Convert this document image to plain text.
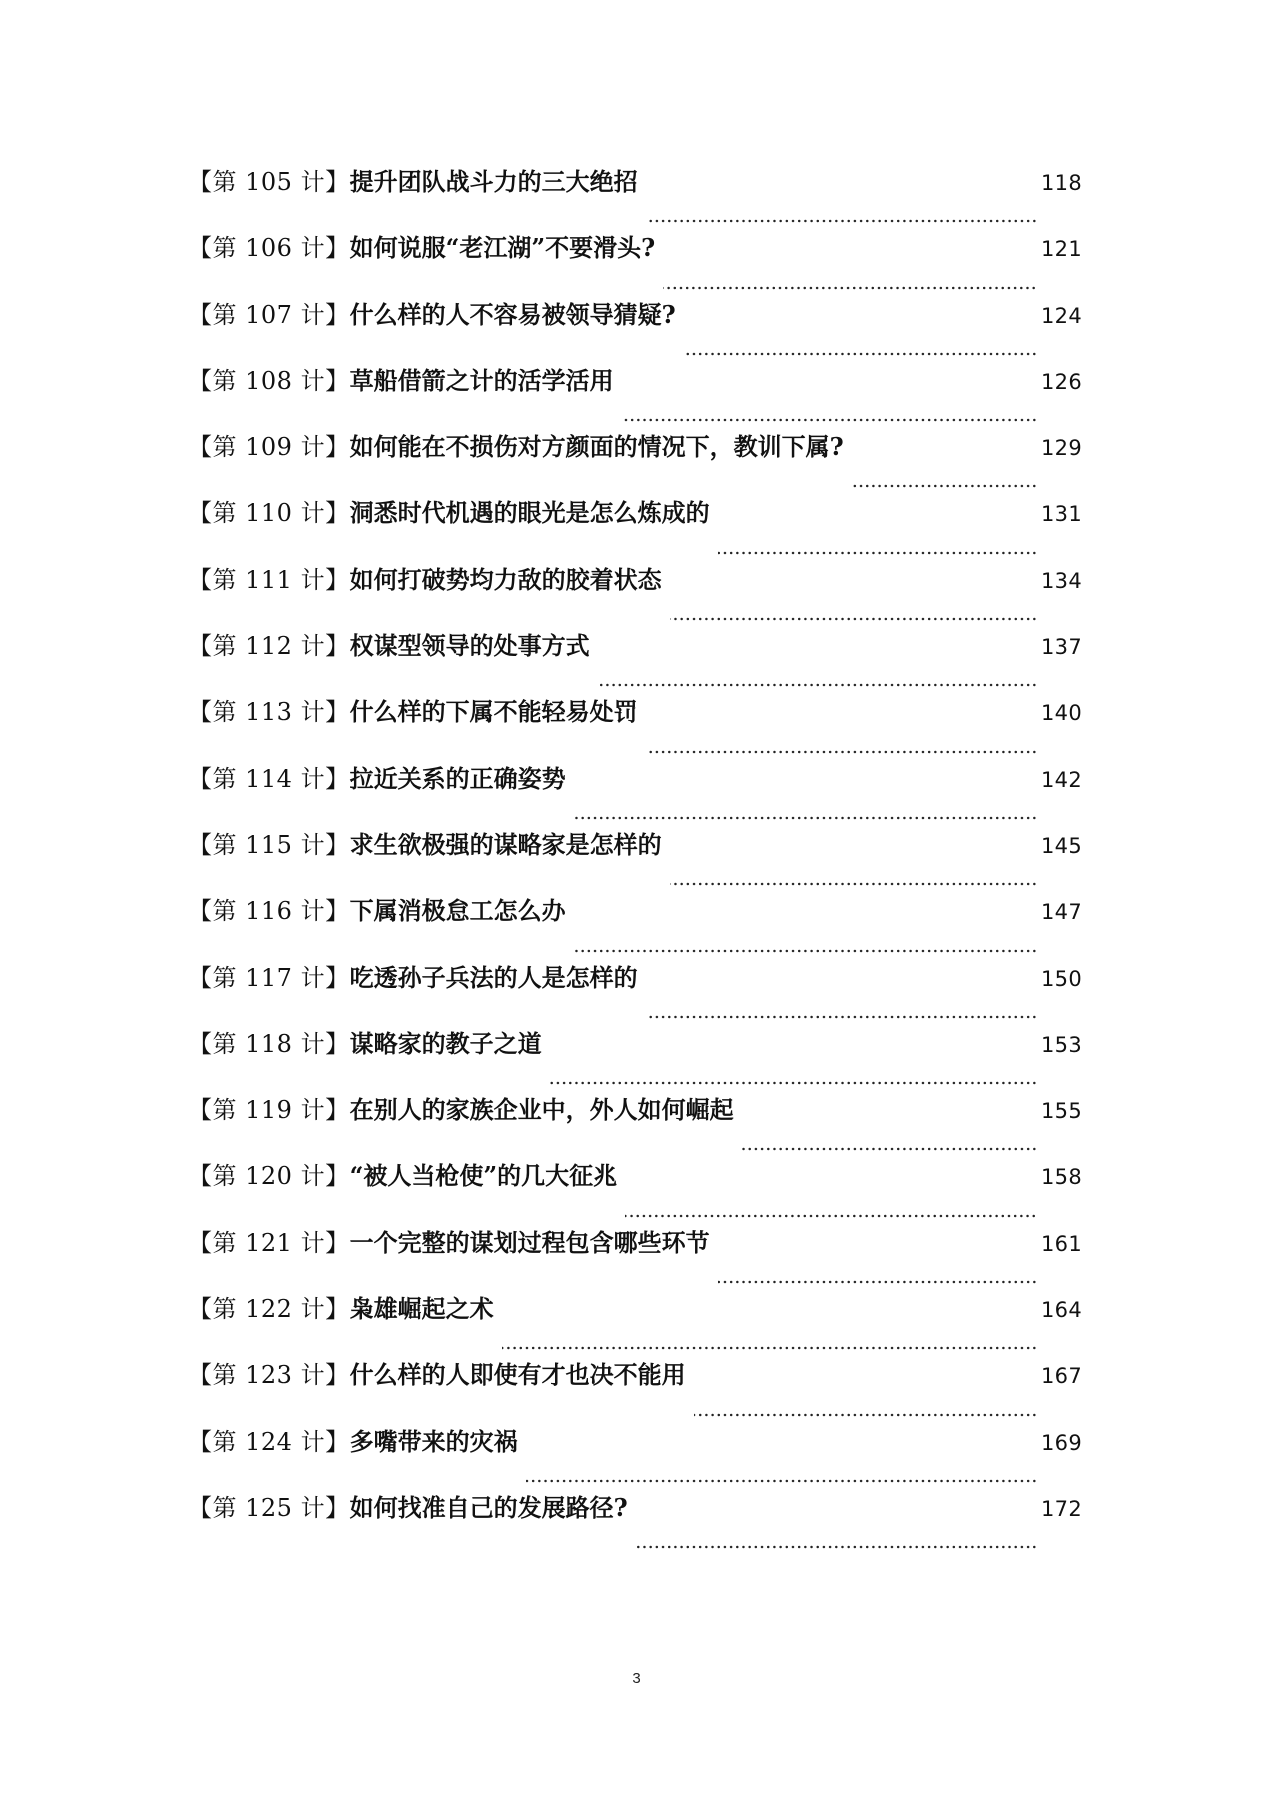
【第 105 计】 提升团队战斗力的三大绝招	118
【第 106 计】 如何说服“老江湖”不要滑头?	121
【第 107 计】 什么样的人不容易被领导猜疑?	124
【第 108 计】 草船借箭之计的活学活用	126
【第 109 计】 如何能在不损伤对方颜面的情况下，教训下属?	129
【第 110 计】 洞悉时代机遇的眼光是怎么炼成的	131
【第 111 计】 如何打破势均力敌的胶着状态	134
【第 112 计】 权谋型领导的处事方式	137
【第 113 计】 什么样的下属不能轻易处罚	140
【第 114 计】 拉近关系的正确姿势	142
【第 115 计】 求生欲极强的谋略家是怎样的	145
【第 116 计】 下属消极怠工怎么办	147
【第 117 计】 吃透孙子兵法的人是怎样的	150
【第 118 计】 谋略家的教子之道	153
【第 119 计】 在别人的家族企业中，外人如何崛起	155
【第 120 计】 “被人当枪使”的几大征兆	158
【第 121 计】 一个完整的谋划过程包含哪些环节	161
【第 122 计】 枭雄崛起之术	164
【第 123 计】 什么样的人即使有才也决不能用	167
【第 124 计】 多嘴带来的灾祸	169
【第 125 计】 如何找准自己的发展路径?	172
3
